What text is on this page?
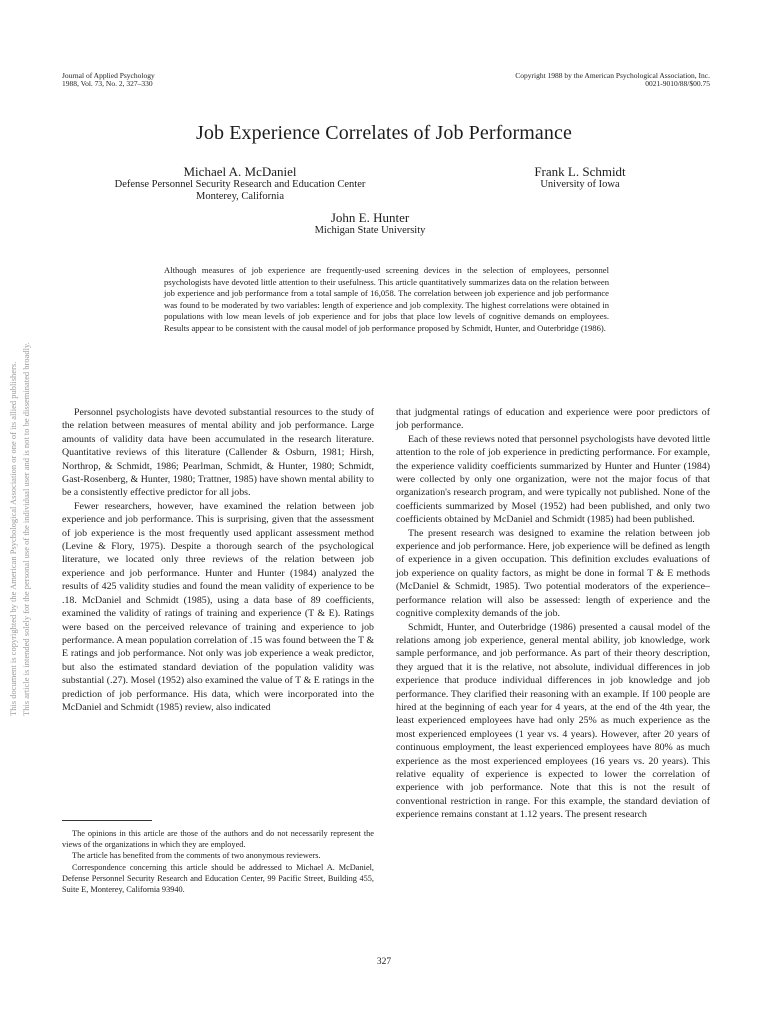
This document is copyrighted by the American Psychological Association or one of its allied publishers. This article is intended solely for the personal use of the individual user and is not to be disseminated broadly.
Journal of Applied Psychology
1988, Vol. 73, No. 2, 327–330
Copyright 1988 by the American Psychological Association, Inc.
0021-9010/88/$00.75
Job Experience Correlates of Job Performance
Michael A. McDaniel
Defense Personnel Security Research and Education Center
Monterey, California
Frank L. Schmidt
University of Iowa
John E. Hunter
Michigan State University
Although measures of job experience are frequently-used screening devices in the selection of employees, personnel psychologists have devoted little attention to their usefulness. This article quantitatively summarizes data on the relation between job experience and job performance from a total sample of 16,058. The correlation between job experience and job performance was found to be moderated by two variables: length of experience and job complexity. The highest correlations were obtained in populations with low mean levels of job experience and for jobs that place low levels of cognitive demands on employees. Results appear to be consistent with the causal model of job performance proposed by Schmidt, Hunter, and Outerbridge (1986).

Personnel psychologists have devoted substantial resources to the study of the relation between measures of mental ability and job performance. Large amounts of validity data have been accumulated in the research literature. Quantitative reviews of this literature (Callender & Osburn, 1981; Hirsh, Northrop, & Schmidt, 1986; Pearlman, Schmidt, & Hunter, 1980; Schmidt, Gast-Rosenberg, & Hunter, 1980; Trattner, 1985) have shown mental ability to be a consistently effective predictor for all jobs.

Fewer researchers, however, have examined the relation between job experience and job performance. This is surprising, given that the assessment of job experience is the most frequently used applicant assessment method (Levine & Flory, 1975). Despite a thorough search of the psychological literature, we located only three reviews of the relation between job experience and job performance. Hunter and Hunter (1984) analyzed the results of 425 validity studies and found the mean validity of experience to be .18. McDaniel and Schmidt (1985), using a data base of 89 coefficients, examined the validity of ratings of training and experience (T & E). Ratings were based on the perceived relevance of training and experience to job performance. A mean population correlation of .15 was found between the T & E ratings and job performance. Not only was job experience a weak predictor, but also the estimated standard deviation of the population validity was substantial (.27). Mosel (1952) also examined the value of T & E ratings in the prediction of job performance. His data, which were incorporated into the McDaniel and Schmidt (1985) review, also indicated

The opinions in this article are those of the authors and do not necessarily represent the views of the organizations in which they are employed.

The article has benefited from the comments of two anonymous reviewers.

Correspondence concerning this article should be addressed to Michael A. McDaniel, Defense Personnel Security Research and Education Center, 99 Pacific Street, Building 455, Suite E, Monterey, California 93940.

that judgmental ratings of education and experience were poor predictors of job performance.

Each of these reviews noted that personnel psychologists have devoted little attention to the role of job experience in predicting performance. For example, the experience validity coefficients summarized by Hunter and Hunter (1984) were collected by only one organization, were not the major focus of that organization's research program, and were typically not published. None of the coefficients summarized by Mosel (1952) had been published, and only two coefficients obtained by McDaniel and Schmidt (1985) had been published.

The present research was designed to examine the relation between job experience and job performance. Here, job experience will be defined as length of experience in a given occupation. This definition excludes evaluations of job experience on quality factors, as might be done in formal T & E methods (McDaniel & Schmidt, 1985). Two potential moderators of the experience–performance relation will also be assessed: length of experience and the cognitive complexity demands of the job.

Schmidt, Hunter, and Outerbridge (1986) presented a causal model of the relations among job experience, general mental ability, job knowledge, work sample performance, and job performance. As part of their theory description, they argued that it is the relative, not absolute, individual differences in job experience that produce individual differences in job knowledge and job performance. They clarified their reasoning with an example. If 100 people are hired at the beginning of each year for 4 years, at the end of the 4th year, the least experienced employees have had only 25% as much experience as the most experienced employees (1 year vs. 4 years). However, after 20 years of continuous employment, the least experienced employees have 80% as much experience as the most experienced employees (16 years vs. 20 years). This relative equality of experience is expected to lower the correlation of experience with job performance. Note that this is not the result of conventional restriction in range. For this example, the standard deviation of experience remains constant at 1.12 years. The present research

327
